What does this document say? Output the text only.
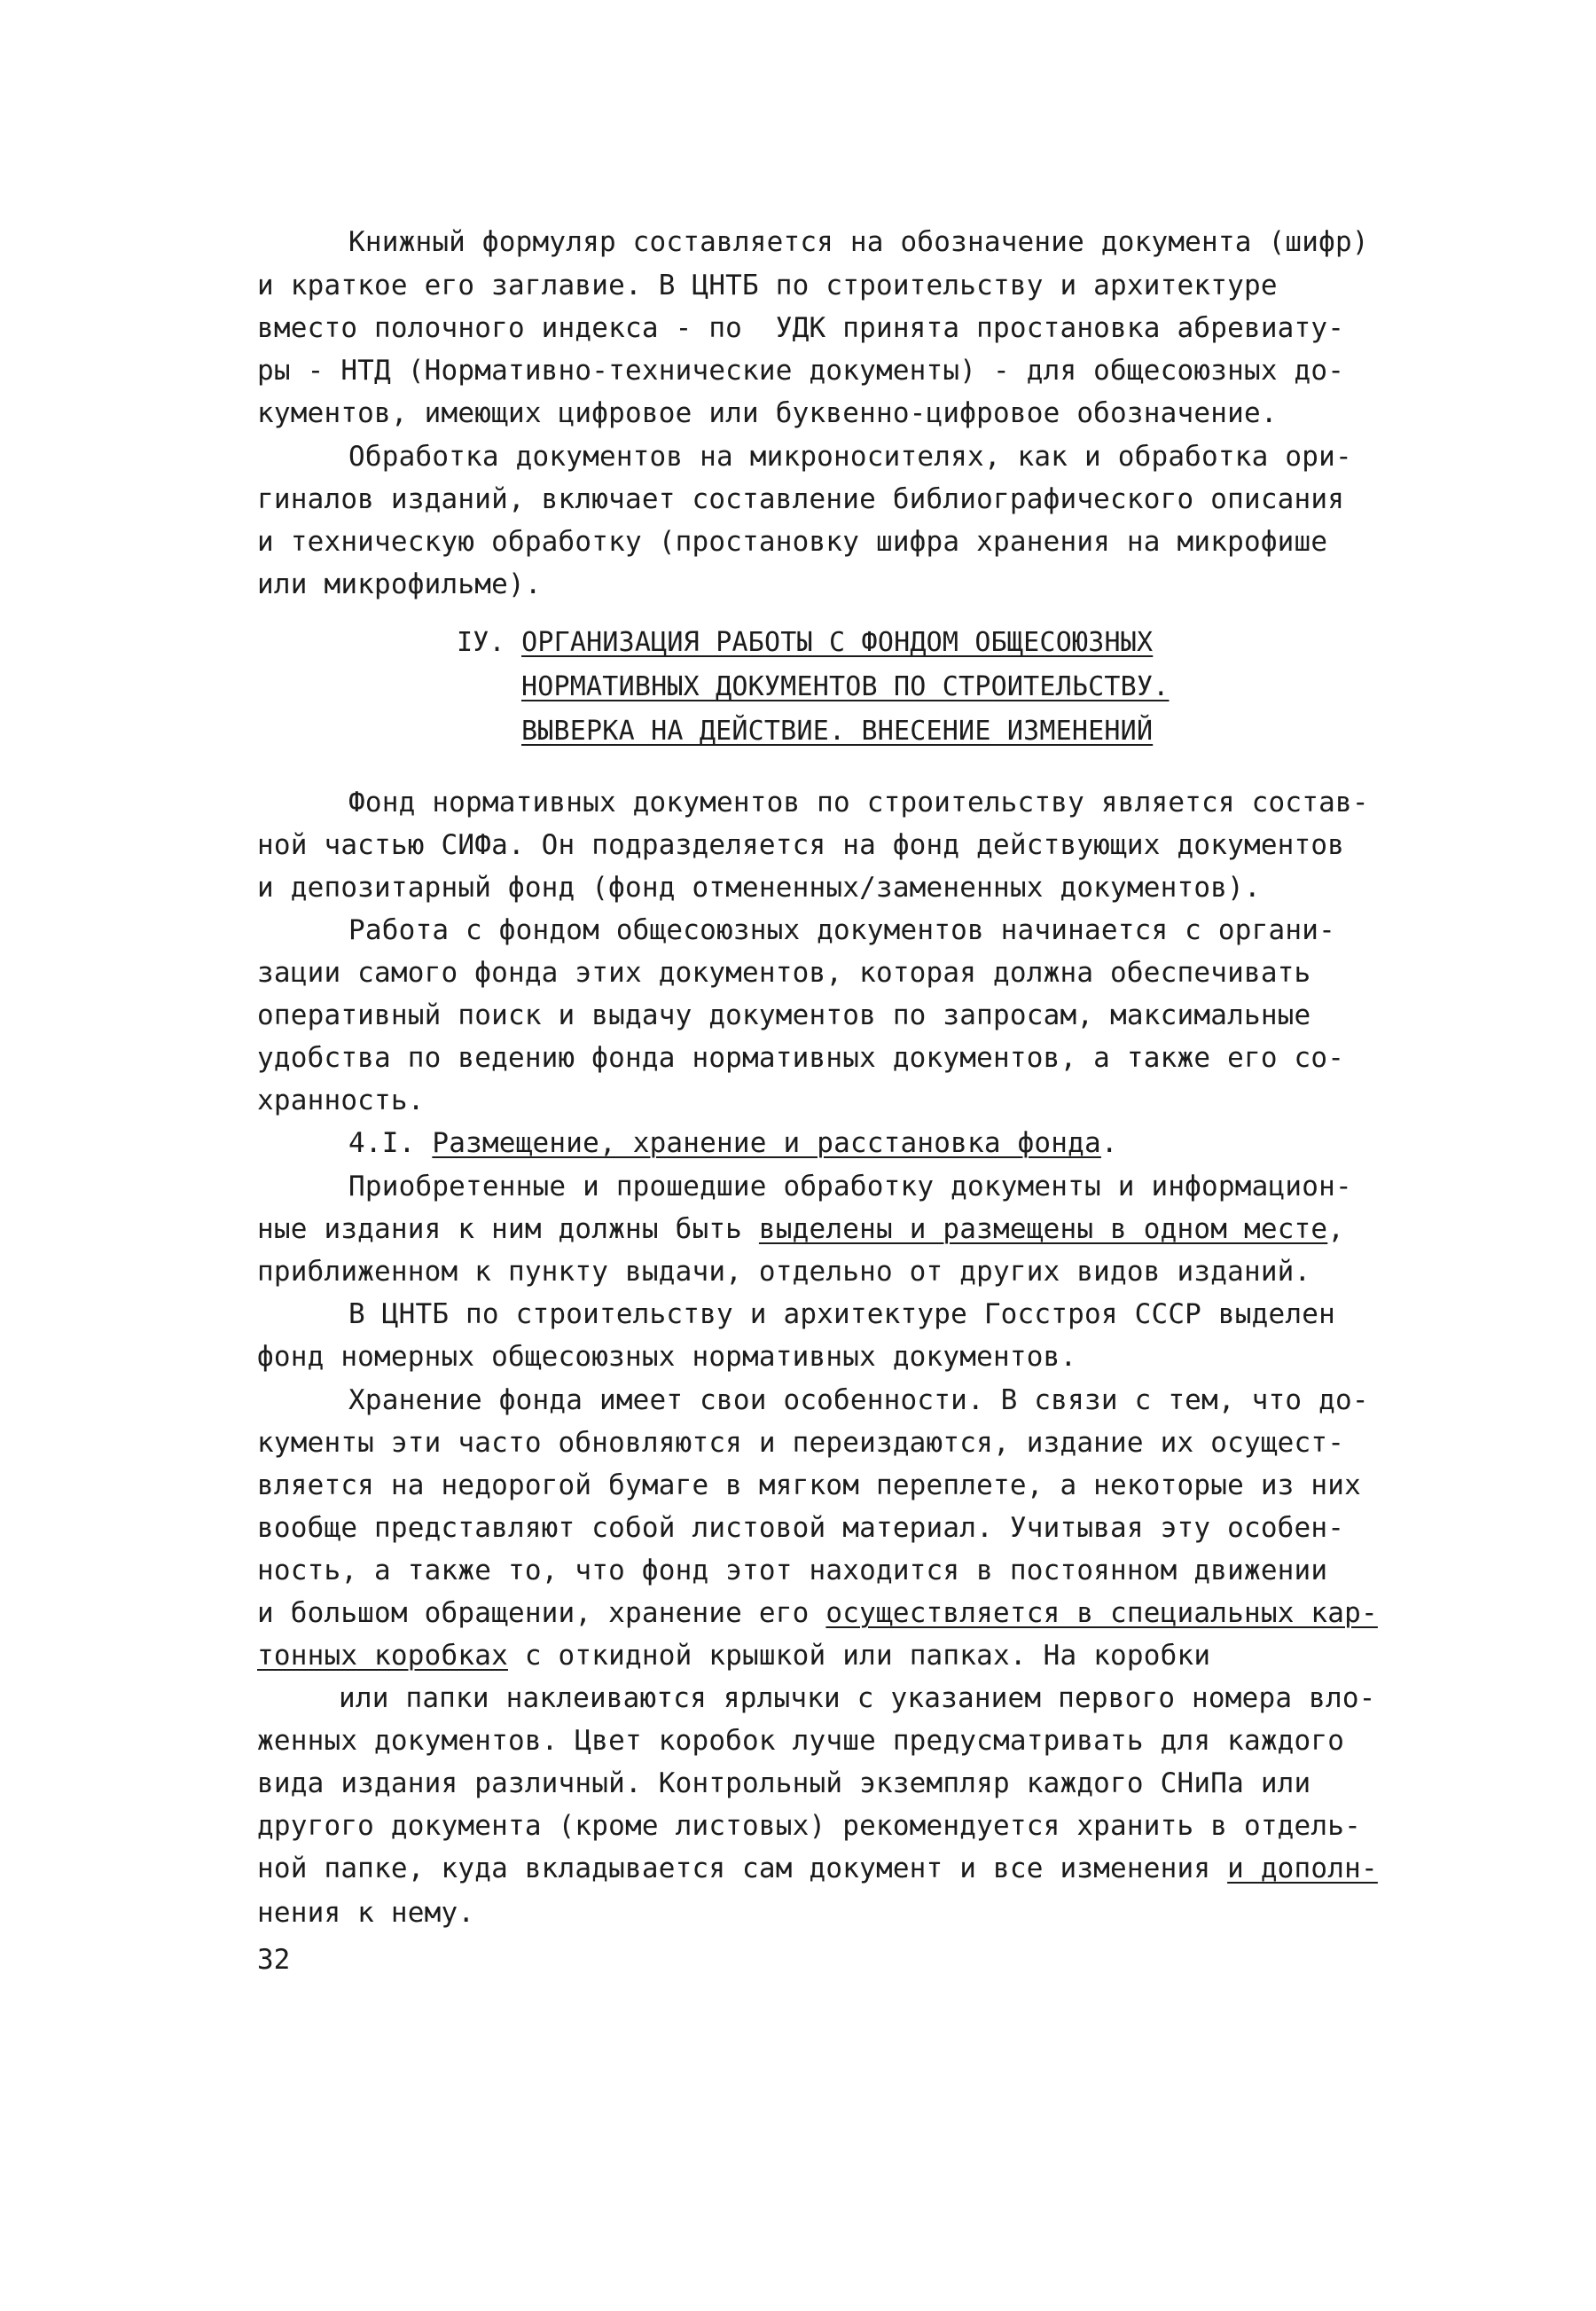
Книжный формуляр составляется на обозначение документа (шифр)
и краткое его заглавие. В ЦНТБ по строительству и архитектуре
вместо полочного индекса - по  УДК принята простановка абревиату-
ры - НТД (Нормативно-технические документы) - для общесоюзных до-
кументов, имеющих цифровое или буквенно-цифровое обозначение.
Обработка документов на микроносителях, как и обработка ори-
гиналов изданий, включает составление библиографического описания
и техническую обработку (простановку шифра хранения на микрофише
или микрофильме).
IУ. ОРГАНИЗАЦИЯ РАБОТЫ С ФОНДОМ ОБЩЕСОЮЗНЫХ
НОРМАТИВНЫХ ДОКУМЕНТОВ ПО СТРОИТЕЛЬСТВУ.
ВЫВЕРКА НА ДЕЙСТВИЕ. ВНЕСЕНИЕ ИЗМЕНЕНИЙ
Фонд нормативных документов по строительству является состав-
ной частью СИФа. Он подразделяется на фонд действующих документов
и депозитарный фонд (фонд отмененных/замененных документов).
Работа с фондом общесоюзных документов начинается с органи-
зации самого фонда этих документов, которая должна обеспечивать
оперативный поиск и выдачу документов по запросам, максимальные
удобства по ведению фонда нормативных документов, а также его со-
хранность.
4.I. Размещение, хранение и расстановка фонда.
Приобретенные и прошедшие обработку документы и информацион-
ные издания к ним должны быть выделены и размещены в одном месте,
приближенном к пункту выдачи, отдельно от других видов изданий.
В ЦНТБ по строительству и архитектуре Госстроя СССР выделен
фонд номерных общесоюзных нормативных документов.
Хранение фонда имеет свои особенности. В связи с тем, что до-
кументы эти часто обновляются и переиздаются, издание их осущест-
вляется на недорогой бумаге в мягком переплете, а некоторые из них
вообще представляют собой листовой материал. Учитывая эту особен-
ность, а также то, что фонд этот находится в постоянном движении
и большом обращении, хранение его осуществляется в специальных кар-
тонных коробках с откидной крышкой или папках. На коробки
или папки наклеиваются ярлычки с указанием первого номера вло-
женных документов. Цвет коробок лучше предусматривать для каждого
вида издания различный. Контрольный экземпляр каждого СНиПа или
другого документа (кроме листовых) рекомендуется хранить в отдель-
ной папке, куда вкладывается сам документ и все изменения и дополн-
нения к нему.
32
